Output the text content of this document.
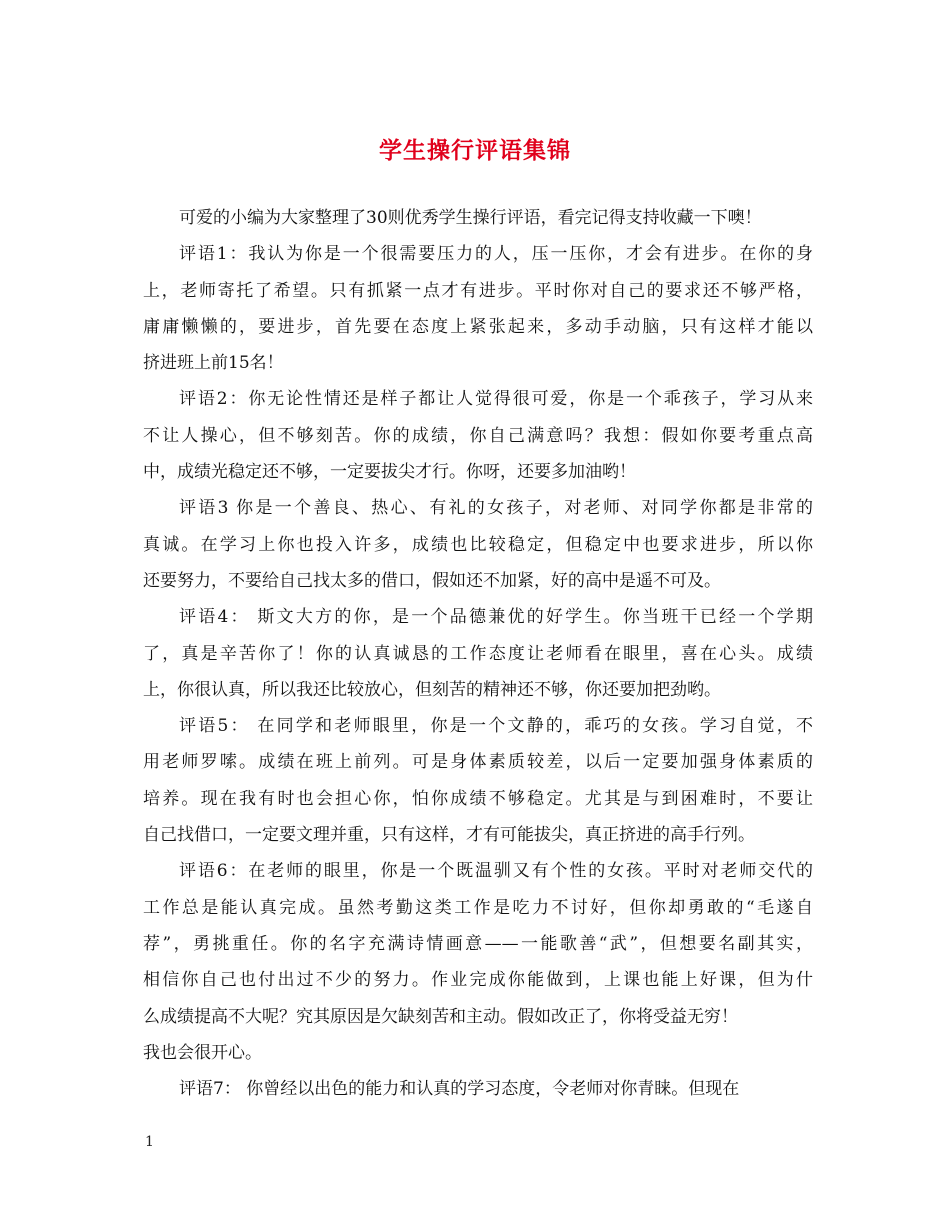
学生操行评语集锦
可爱的小编为大家整理了30则优秀学生操行评语，看完记得支持收藏一下噢！
评语1：我认为你是一个很需要压力的人，压一压你，才会有进步。在你的身
上，老师寄托了希望。只有抓紧一点才有进步。平时你对自己的要求还不够严格，
庸庸懒懒的，要进步，首先要在态度上紧张起来，多动手动脑，只有这样才能以
挤进班上前15名！
评语2：你无论性情还是样子都让人觉得很可爱，你是一个乖孩子，学习从来
不让人操心，但不够刻苦。你的成绩，你自己满意吗？我想：假如你要考重点高
中，成绩光稳定还不够，一定要拔尖才行。你呀，还要多加油哟！
评语3 你是一个善良、热心、有礼的女孩子，对老师、对同学你都是非常的
真诚。在学习上你也投入许多，成绩也比较稳定，但稳定中也要求进步，所以你
还要努力，不要给自己找太多的借口，假如还不加紧，好的高中是遥不可及。
评语4： 斯文大方的你，是一个品德兼优的好学生。你当班干已经一个学期
了，真是辛苦你了！你的认真诚恳的工作态度让老师看在眼里，喜在心头。成绩
上，你很认真，所以我还比较放心，但刻苦的精神还不够，你还要加把劲哟。
评语5： 在同学和老师眼里，你是一个文静的，乖巧的女孩。学习自觉，不
用老师罗嗦。成绩在班上前列。可是身体素质较差，以后一定要加强身体素质的
培养。现在我有时也会担心你，怕你成绩不够稳定。尤其是与到困难时，不要让
自己找借口，一定要文理并重，只有这样，才有可能拔尖，真正挤进的高手行列。
评语6：在老师的眼里，你是一个既温驯又有个性的女孩。平时对老师交代的
工作总是能认真完成。虽然考勤这类工作是吃力不讨好，但你却勇敢的“毛遂自
荐”，勇挑重任。你的名字充满诗情画意——一能歌善“武”，但想要名副其实，
相信你自己也付出过不少的努力。作业完成你能做到，上课也能上好课，但为什
么成绩提高不大呢？究其原因是欠缺刻苦和主动。假如改正了，你将受益无穷！
我也会很开心。
评语7： 你曾经以出色的能力和认真的学习态度，令老师对你青睐。但现在
1
